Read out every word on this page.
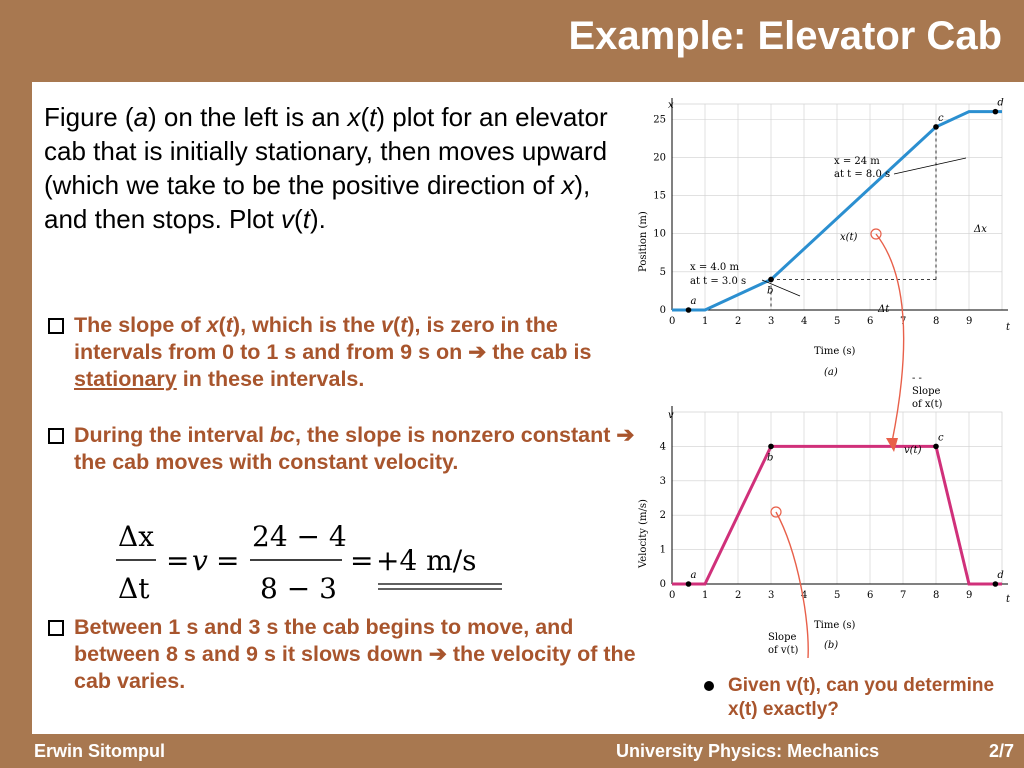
Example: Elevator Cab

Figure (a) on the left is an x(t) plot for an elevator cab that is initially stationary, then moves upward (which we take to be the positive direction of x), and then stops. Plot v(t).

The slope of x(t), which is the v(t), is zero in the intervals from 0 to 1 s and from 9 s on ➔ the cab is stationary in these intervals.
During the interval bc, the slope is nonzero constant ➔ the cab moves with constant velocity.
Δx
Δt
= v =
24 − 4
8 − 3
= +4 m/s
Between 1 s and 3 s the cab begins to move, and between 8 s and 9 s it slows down ➔ the velocity of the cab varies.	Given v(t), can you determine x(t) exactly?
0	1	2	3	4	5	6	7	8	9
0
5
10
15
20
25
0	1	2	3	4	5	6	7	8	9
0
1
2
3
4
x
t
v
t
Time (s)
(a)
Position (m)
Time (s)
(b)
Velocity (m/s)
a
b
c
d
a
b
c
d
x = 24 m
at t = 8.0 s
x = 4.0 m
at t = 3.0 s
Δx
Δt
x(t)
v(t)
- -
Slope
of x(t)
Slope
of v(t)
Erwin Sitompul	University Physics: Mechanics	2/7
